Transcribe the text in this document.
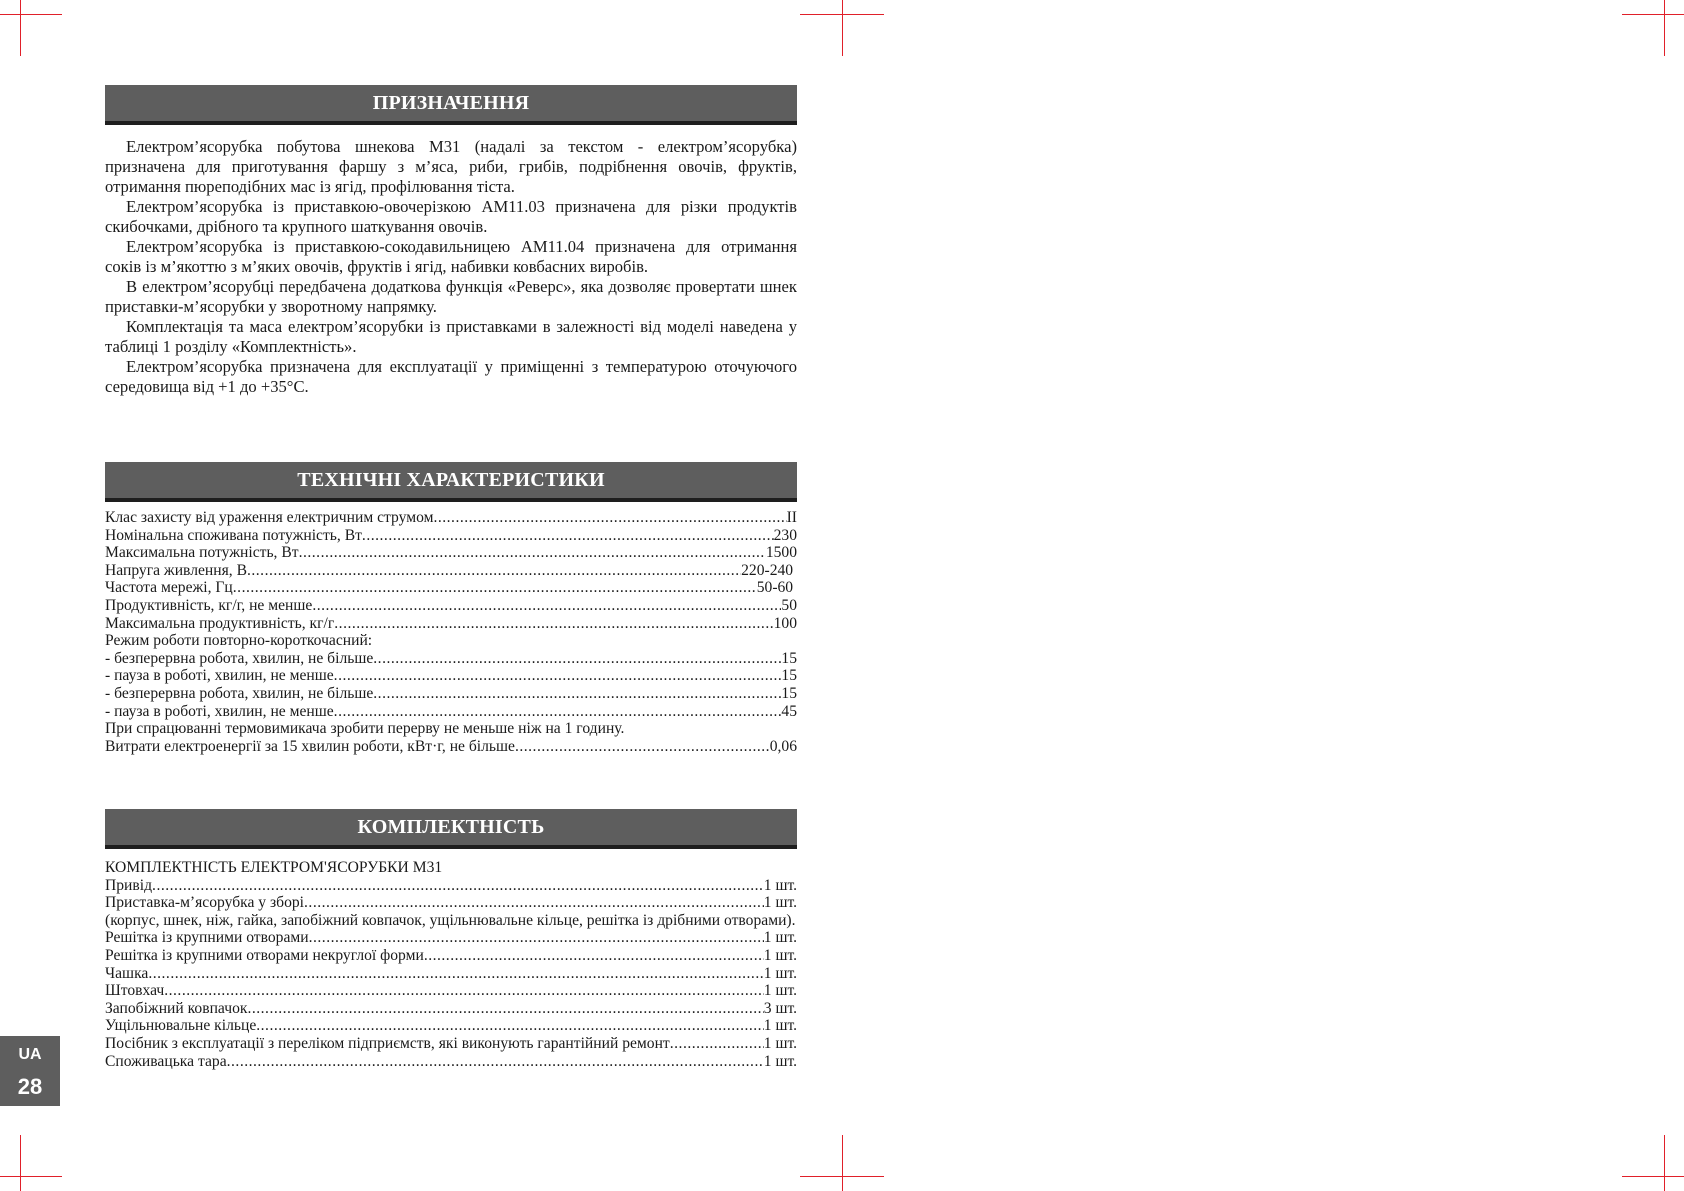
ПРИЗНАЧЕННЯ

Електром’ясорубка побутова шнекова М31 (надалі за текстом - електром’ясорубка) призначена для приготування фаршу з м’яса, риби, грибів, подрібнення овочів, фруктів, отримання пюреподібних мас із ягід, профілювання тіста.

Електром’ясорубка із приставкою-овочерізкою АМ11.03 призначена для різки продуктів скибочками, дрібного та крупного шаткування овочів.

Електром’ясорубка із приставкою-сокодавильницею АМ11.04 призначена для отримання соків із м’якоттю з м’яких овочів, фруктів і ягід, набивки ковбасних виробів.

В електром’ясорубці передбачена додаткова функція «Реверс», яка дозволяє провертати шнек приставки-м’ясорубки у зворотному напрямку.

Комплектація та маса електром’ясорубки із приставками в залежності від моделі наведена у таблиці 1 розділу «Комплектність».

Електром’ясорубка призначена для експлуатації у приміщенні з температурою оточуючого середовища від +1 до +35°С.

ТЕХНІЧНІ ХАРАКТЕРИСТИКИ
Клас захисту від ураження електричним струмом .....	II
Номінальна споживана потужність, Вт .....	230
Максимальна потужність, Вт .....	1500
Напруга живлення, В .....	220-240
Частота мережі, Гц .....	50-60
Продуктивність, кг/г, не менше .....	50
Максимальна продуктивність, кг/г .....	100
Режим роботи повторно-короткочасний:
- безперервна робота, хвилин, не більше .....	15
- пауза в роботі, хвилин, не менше .....	15
- безперервна робота, хвилин, не більше .....	15
- пауза в роботі, хвилин, не менше .....	45
При спрацюванні термовимикача зробити перерву не меньше ніж на 1 годину.
Витрати електроенергії за 15 хвилин роботи, кВт·г, не більше .....	0,06
КОМПЛЕКТНІСТЬ
КОМПЛЕКТНІСТЬ ЕЛЕКТРОМ'ЯСОРУБКИ М31
Привід .....	1 шт.
Приставка-м’ясорубка у зборі .....	1 шт.
(корпус, шнек, ніж, гайка, запобіжний ковпачок, ущільнювальне кільце, решітка із дрібними отворами).
Решітка із крупними отворами .....	1 шт.
Решітка із крупними отворами некруглої форми .....	1 шт.
Чашка .....	1 шт.
Штовхач .....	1 шт.
Запобіжний ковпачок .....	3 шт.
Ущільнювальне кільце .....	1 шт.
Посібник з експлуатації з переліком підприємств, які виконують гарантійний ремонт .....	1 шт.
Споживацька тара .....	1 шт.
UA
28
